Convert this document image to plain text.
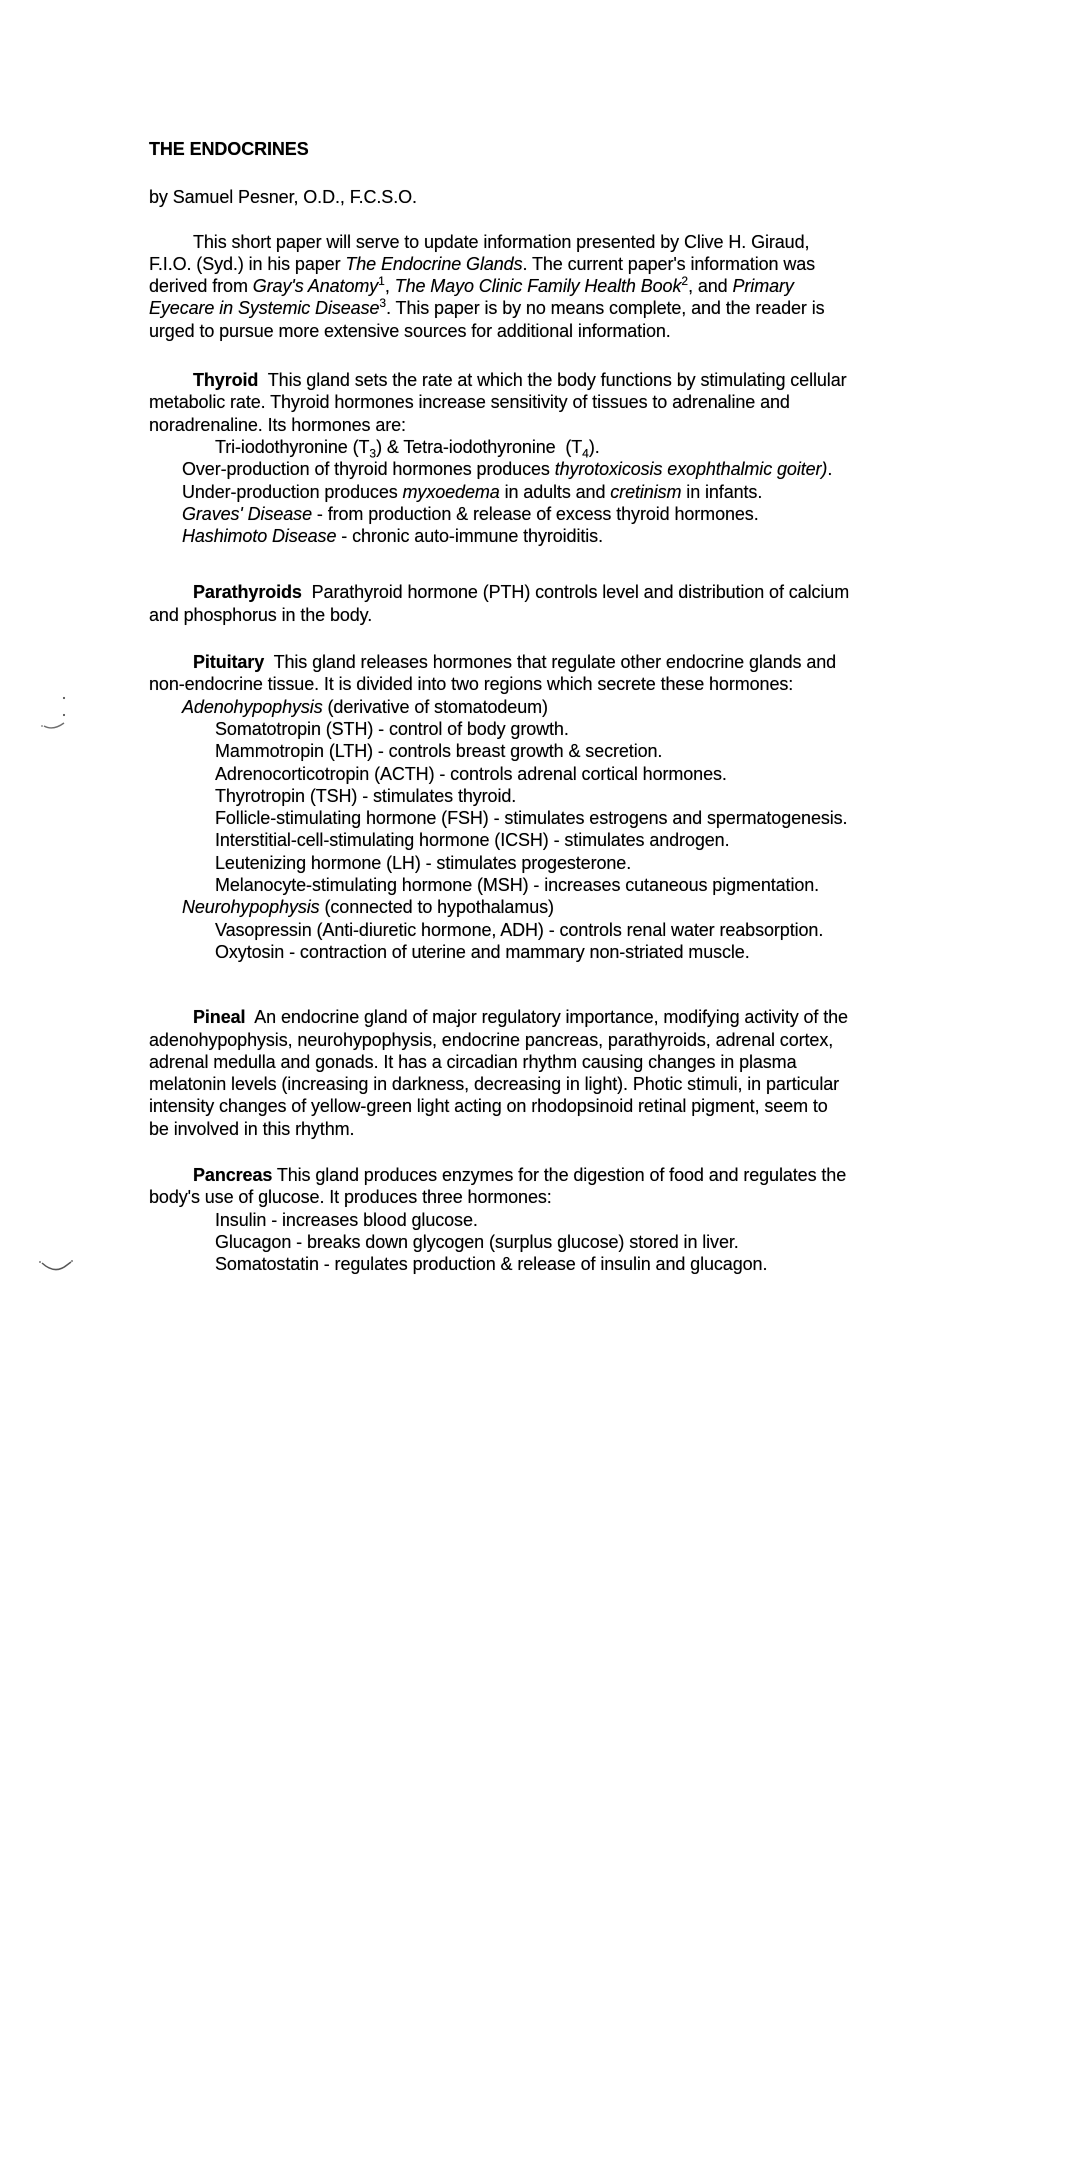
THE ENDOCRINES

by Samuel Pesner, O.D., F.C.S.O.

This short paper will serve to update information presented by Clive H. Giraud,

F.I.O. (Syd.) in his paper The Endocrine Glands. The current paper's information was

derived from Gray's Anatomy$^1$, The Mayo Clinic Family Health Book$^2$, and Primary

Eyecare in Systemic Disease$^3$. This paper is by no means complete, and the reader is

urged to pursue more extensive sources for additional information.

Thyroid  This gland sets the rate at which the body functions by stimulating cellular

metabolic rate. Thyroid hormones increase sensitivity of tissues to adrenaline and

noradrenaline. Its hormones are:

Tri-iodothyronine $(T_3)$ & Tetra-iodothyronine  $(T_4)$.

Over-production of thyroid hormones produces thyrotoxicosis exophthalmic goiter).

Under-production produces myxoedema in adults and cretinism in infants.

Graves' Disease - from production & release of excess thyroid hormones.

Hashimoto Disease - chronic auto-immune thyroiditis.

Parathyroids  Parathyroid hormone (PTH) controls level and distribution of calcium

and phosphorus in the body.

Pituitary  This gland releases hormones that regulate other endocrine glands and

non-endocrine tissue. It is divided into two regions which secrete these hormones:

Adenohypophysis (derivative of stomatodeum)

Somatotropin (STH) - control of body growth.

Mammotropin (LTH) - controls breast growth & secretion.

Adrenocorticotropin (ACTH) - controls adrenal cortical hormones.

Thyrotropin (TSH) - stimulates thyroid.

Follicle-stimulating hormone (FSH) - stimulates estrogens and spermatogenesis.

Interstitial-cell-stimulating hormone (ICSH) - stimulates androgen.

Leutenizing hormone (LH) - stimulates progesterone.

Melanocyte-stimulating hormone (MSH) - increases cutaneous pigmentation.

Neurohypophysis (connected to hypothalamus)

Vasopressin (Anti-diuretic hormone, ADH) - controls renal water reabsorption.

Oxytosin - contraction of uterine and mammary non-striated muscle.

Pineal  An endocrine gland of major regulatory importance, modifying activity of the

adenohypophysis, neurohypophysis, endocrine pancreas, parathyroids, adrenal cortex,

adrenal medulla and gonads. It has a circadian rhythm causing changes in plasma

melatonin levels (increasing in darkness, decreasing in light). Photic stimuli, in particular

intensity changes of yellow-green light acting on rhodopsinoid retinal pigment, seem to

be involved in this rhythm.

Pancreas This gland produces enzymes for the digestion of food and regulates the

body's use of glucose. It produces three hormones:

Insulin - increases blood glucose.

Glucagon - breaks down glycogen (surplus glucose) stored in liver.

Somatostatin - regulates production & release of insulin and glucagon.
